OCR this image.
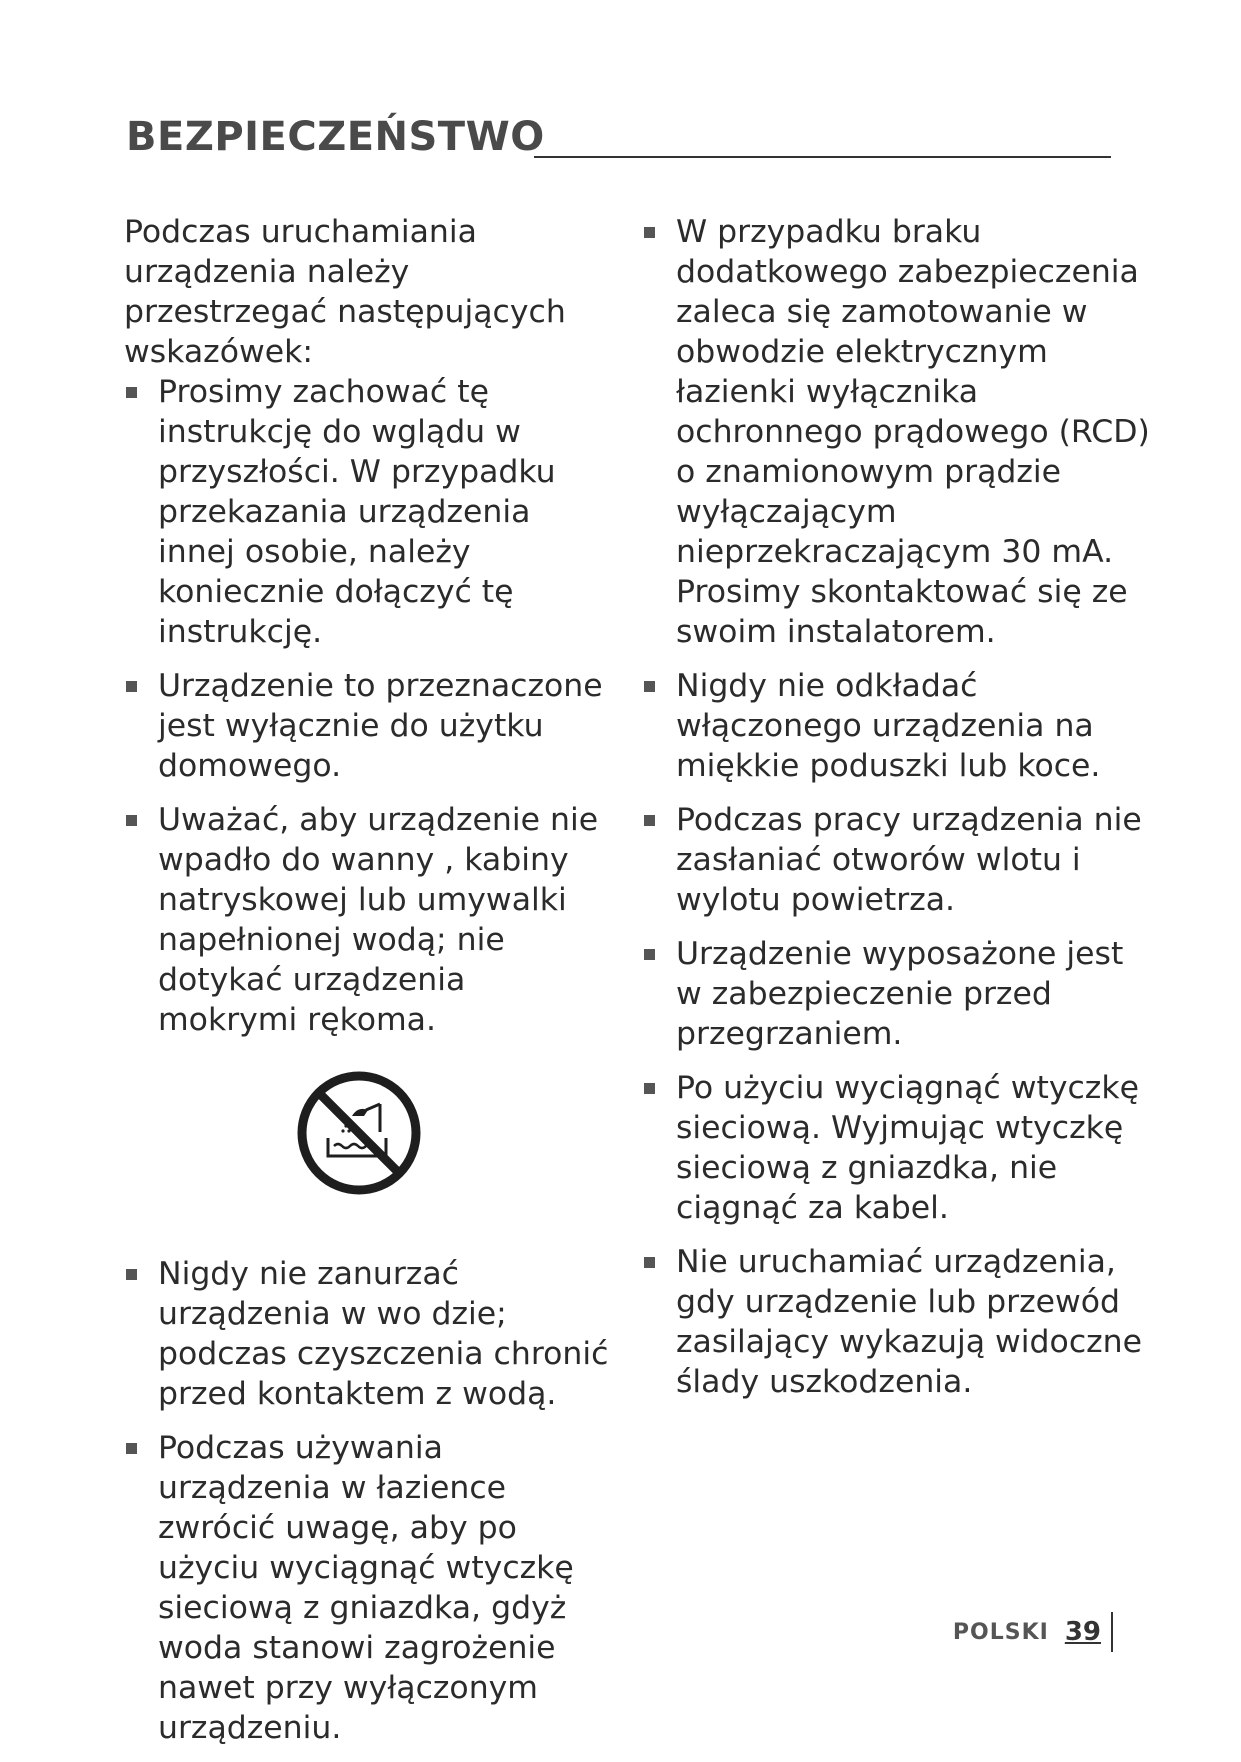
BEZPIECZEŃSTWO

Podczas uruchamiania urządzenia należy przestrzegać następujących wskazówek:

Prosimy zachować tę instrukcję do wglądu w przyszłości. W przypadku przekazania urządzenia innej osobie, należy koniecznie dołączyć tę instrukcję.
Urządzenie to przeznaczone jest wyłącznie do użytku domowego.
Uważać, aby urządzenie nie wpadło do wanny , kabiny natryskowej lub umywalki napełnionej wodą; nie dotykać urządzenia mokrymi rękoma.
Nigdy nie zanurzać urządzenia w wo dzie; podczas czyszczenia chronić przed kontaktem z wodą.
Podczas używania urządzenia w łazience zwrócić uwagę, aby po użyciu wyciągnąć wtyczkę sieciową z gniazdka, gdyż woda stanowi zagrożenie nawet przy wyłączonym urządzeniu.
W przypadku braku dodatkowego zabezpieczenia zaleca się zamotowanie w obwodzie elektrycznym łazienki wyłącznika ochronnego prądowego (RCD) o znamionowym prądzie wyłączającym nieprzekraczającym 30 mA. Prosimy skontaktować się ze swoim instalatorem.
Nigdy nie odkładać włączonego urządzenia na miękkie poduszki lub koce.
Podczas pracy urządzenia nie zasłaniać otworów wlotu i wylotu powietrza.
Urządzenie wyposażone jest w zabezpieczenie przed przegrzaniem.
Po użyciu wyciągnąć wtyczkę sieciową. Wyjmując wtyczkę sieciową z gniazdka, nie ciągnąć za kabel.
Nie uruchamiać urządzenia, gdy urządzenie lub przewód zasilający wykazują widoczne ślady uszkodzenia.
POLSKI 39
